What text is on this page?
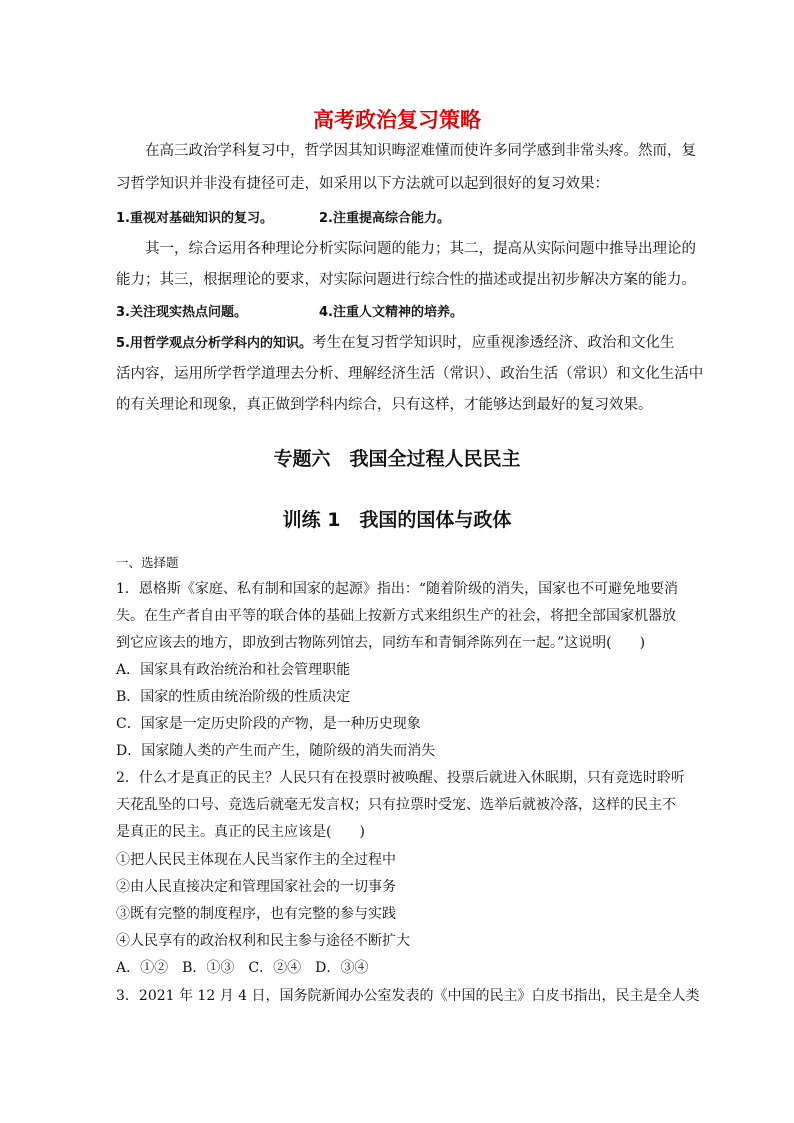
高考政治复习策略
在高三政治学科复习中，哲学因其知识晦涩难懂而使许多同学感到非常头疼。然而，复
习哲学知识并非没有捷径可走，如采用以下方法就可以起到很好的复习效果：
1.重视对基础知识的复习。	2.注重提高综合能力。
其一，综合运用各种理论分析实际问题的能力；其二，提高从实际问题中推导出理论的
能力；其三，根据理论的要求，对实际问题进行综合性的描述或提出初步解决方案的能力。
3.关注现实热点问题。	4.注重人文精神的培养。
5.用哲学观点分析学科内的知识。考生在复习哲学知识时，应重视渗透经济、政治和文化生
活内容，运用所学哲学道理去分析、理解经济生活（常识）、政治生活（常识）和文化生活中
的有关理论和现象，真正做到学科内综合，只有这样，才能够达到最好的复习效果。
专题六　我国全过程人民民主
训练 1　我国的国体与政体
一、选择题
1．恩格斯《家庭、私有制和国家的起源》指出：“随着阶级的消失，国家也不可避免地要消
失。在生产者自由平等的联合体的基础上按新方式来组织生产的社会，将把全部国家机器放
到它应该去的地方，即放到古物陈列馆去，同纺车和青铜斧陈列在一起。”这说明(　　)
A．国家具有政治统治和社会管理职能
B．国家的性质由统治阶级的性质决定
C．国家是一定历史阶段的产物，是一种历史现象
D．国家随人类的产生而产生，随阶级的消失而消失
2．什么才是真正的民主？人民只有在投票时被唤醒、投票后就进入休眠期，只有竞选时聆听
天花乱坠的口号、竞选后就毫无发言权；只有拉票时受宠、选举后就被冷落，这样的民主不
是真正的民主。真正的民主应该是(　　)
①把人民民主体现在人民当家作主的全过程中
②由人民直接决定和管理国家社会的一切事务
③既有完整的制度程序，也有完整的参与实践
④人民享有的政治权利和民主参与途径不断扩大
A．①②　B．①③　C．②④　D．③④
3．2021 年 12 月 4 日，国务院新闻办公室发表的《中国的民主》白皮书指出，民主是全人类
